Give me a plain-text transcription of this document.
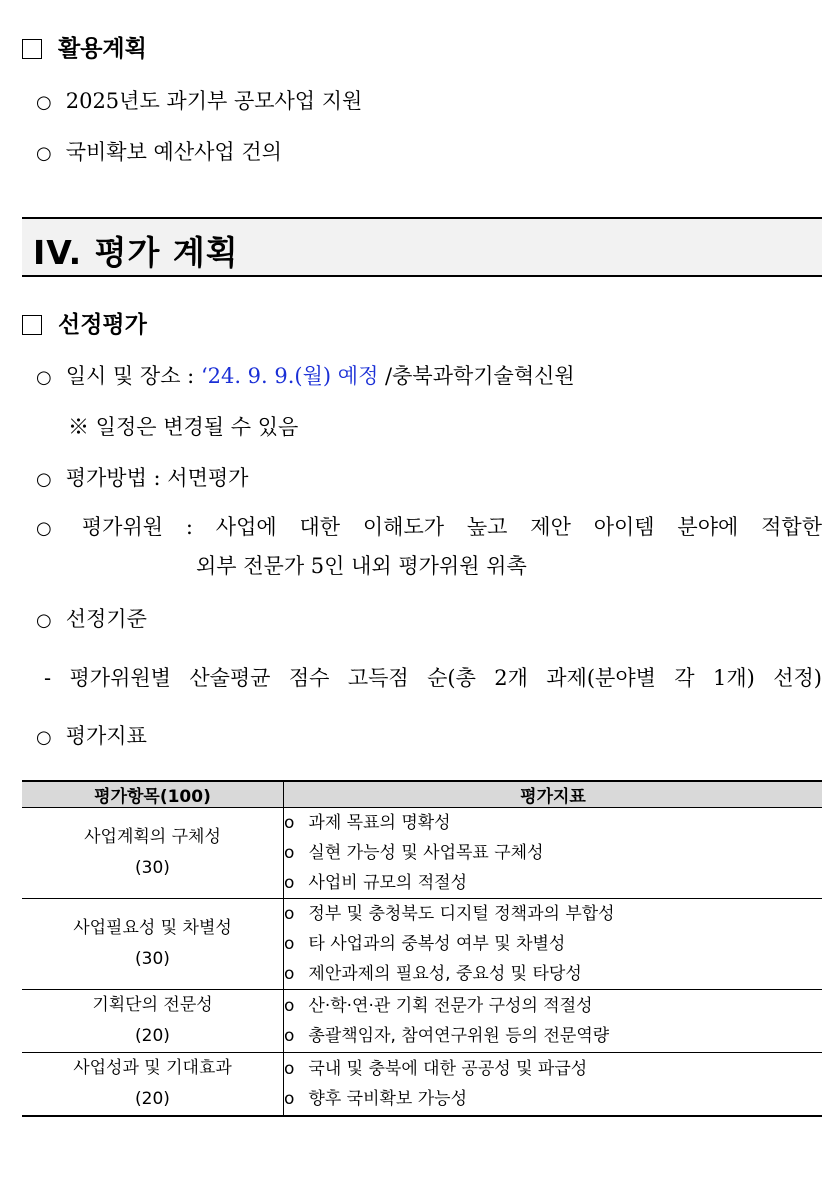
활용계획
○ 2025년도 과기부 공모사업 지원
○ 국비확보 예산사업 건의
IV. 평가 계획
선정평가
○ 일시 및 장소 : ‘24. 9. 9.(월) 예정 /충북과학기술혁신원
※ 일정은 변경될 수 있음
○ 평가방법 : 서면평가
○ 평가위원 : 사업에 대한 이해도가 높고 제안 아이템 분야에 적합한
외부 전문가 5인 내외 평가위원 위촉
○ 선정기준
- 평가위원별 산술평균 점수 고득점 순(총 2개 과제(분야별 각 1개) 선정)
○ 평가지표
평가항목(100)	평가지표

사업계획의 구체성
(30)	o 과제 목표의 명확성
o 실현 가능성 및 사업목표 구체성
o 사업비 규모의 적절성

사업필요성 및 차별성
(30)	o 정부 및 충청북도 디지털 정책과의 부합성
o 타 사업과의 중복성 여부 및 차별성
o 제안과제의 필요성, 중요성 및 타당성

기획단의 전문성
(20)	o 산·학·연·관 기획 전문가 구성의 적절성
o 총괄책임자, 참여연구위원 등의 전문역량

사업성과 및 기대효과
(20)	o 국내 및 충북에 대한 공공성 및 파급성
o 향후 국비확보 가능성
